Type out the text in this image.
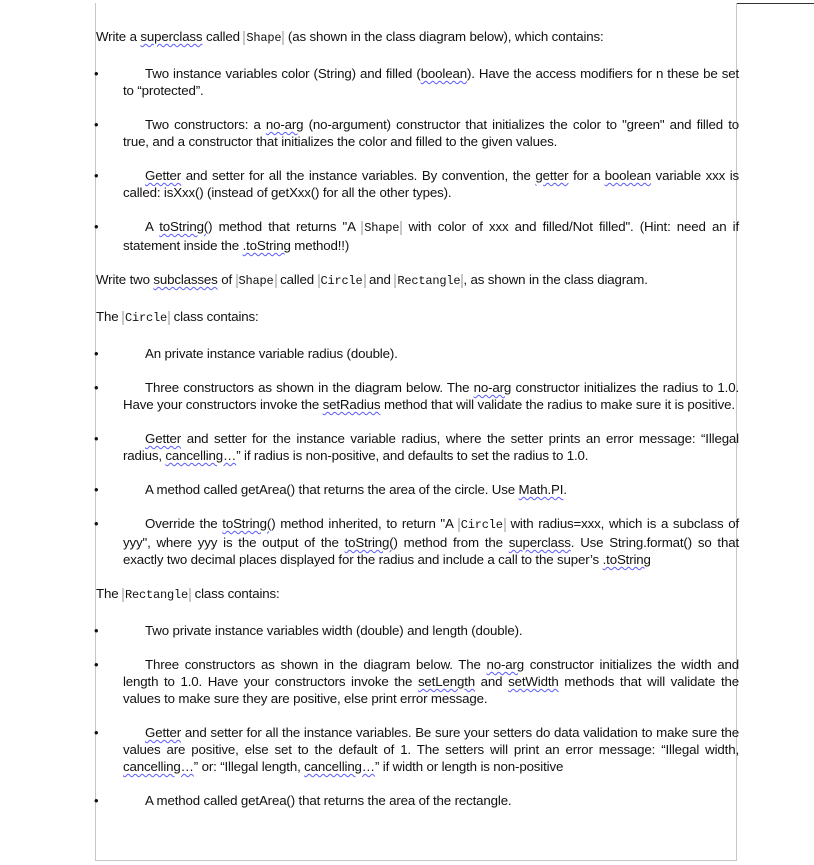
Write a superclass called Shape (as shown in the class diagram below), which contains:

• Two instance variables color (String) and filled (boolean). Have the access modifiers for n these be set to “protected”.
• Two constructors: a no-arg (no-argument) constructor that initializes the color to "green" and filled to true, and a constructor that initializes the color and filled to the given values.
• Getter and setter for all the instance variables. By convention, the getter for a boolean variable xxx is called: isXxx() (instead of getXxx() for all the other types).
• A toString() method that returns "A Shape with color of xxx and filled/Not filled". (Hint: need an if statement inside the .toString method!!)

Write two subclasses of Shape called Circle and Rectangle , as shown in the class diagram.

The Circle class contains:

• An private instance variable radius (double).
• Three constructors as shown in the diagram below. The no-arg constructor initializes the radius to 1.0. Have your constructors invoke the setRadius method that will validate the radius to make sure it is positive.
• Getter and setter for the instance variable radius, where the setter prints an error message: “Illegal radius, cancelling…” if radius is non-positive, and defaults to set the radius to 1.0.
• A method called getArea() that returns the area of the circle. Use Math.PI.
• Override the toString() method inherited, to return "A Circle with radius=xxx, which is a subclass of yyy", where yyy is the output of the toString() method from the superclass. Use String.format() so that exactly two decimal places displayed for the radius and include a call to the super’s .toString

The Rectangle class contains:

• Two private instance variables width (double) and length (double).
• Three constructors as shown in the diagram below. The no-arg constructor initializes the width and length to 1.0. Have your constructors invoke the setLength and setWidth methods that will validate the values to make sure they are positive, else print error message.
• Getter and setter for all the instance variables. Be sure your setters do data validation to make sure the values are positive, else set to the default of 1. The setters will print an error message: “Illegal width, cancelling…” or: “Illegal length, cancelling…” if width or length is non-positive
• A method called getArea() that returns the area of the rectangle.
